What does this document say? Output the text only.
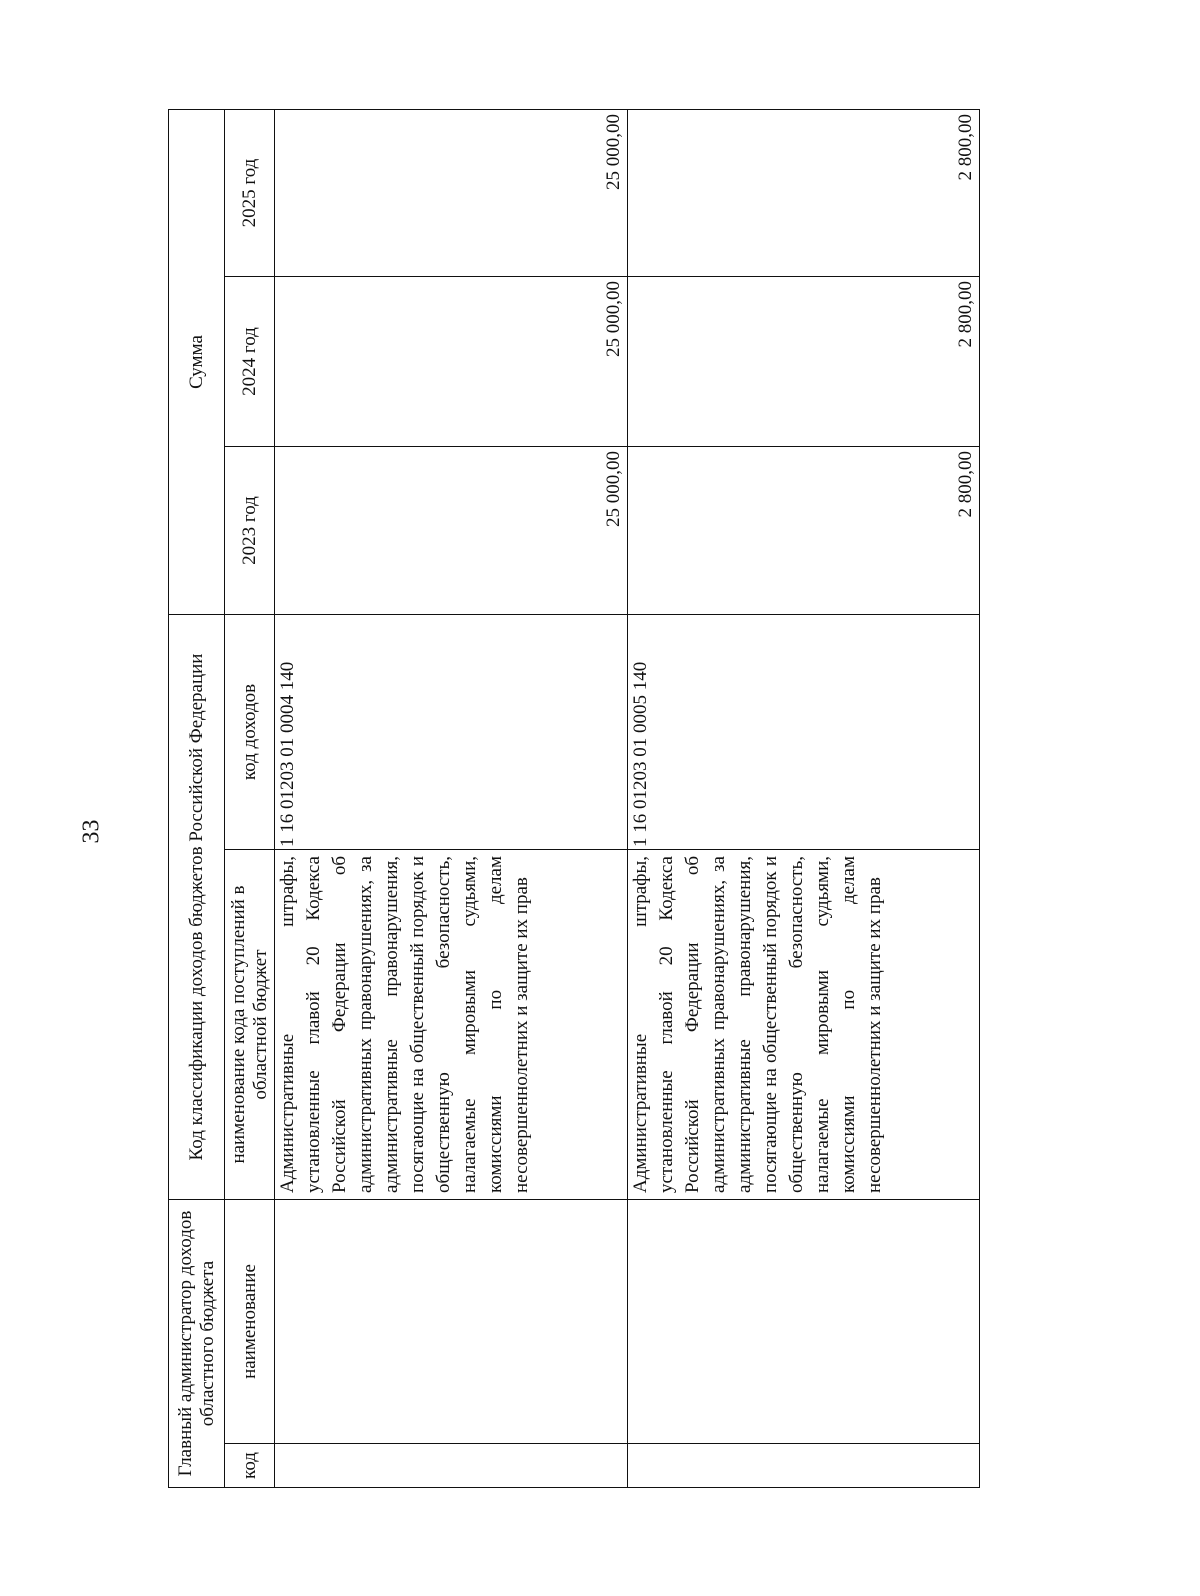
33
Главный администратор доходов областного бюджета		Код классификации доходов бюджетов Российской Федерации		Сумма		
код	наименование	наименование кода поступлений в областной бюджет	код доходов	2023 год	2024 год	2025 год
		Административные штрафы, установленные главой 20 Кодекса Российской Федерации об административных правонарушениях, за административные правонарушения, посягающие на общественный порядок и общественную безопасность, налагаемые мировыми судьями, комиссиями по делам несовершеннолетних и защите их прав	1 16 01203 01 0004 140	25 000,00	25 000,00	25 000,00
		Административные штрафы, установленные главой 20 Кодекса Российской Федерации об административных правонарушениях, за административные правонарушения, посягающие на общественный порядок и общественную безопасность, налагаемые мировыми судьями, комиссиями по делам несовершеннолетних и защите их прав	1 16 01203 01 0005 140	2 800,00	2 800,00	2 800,00
